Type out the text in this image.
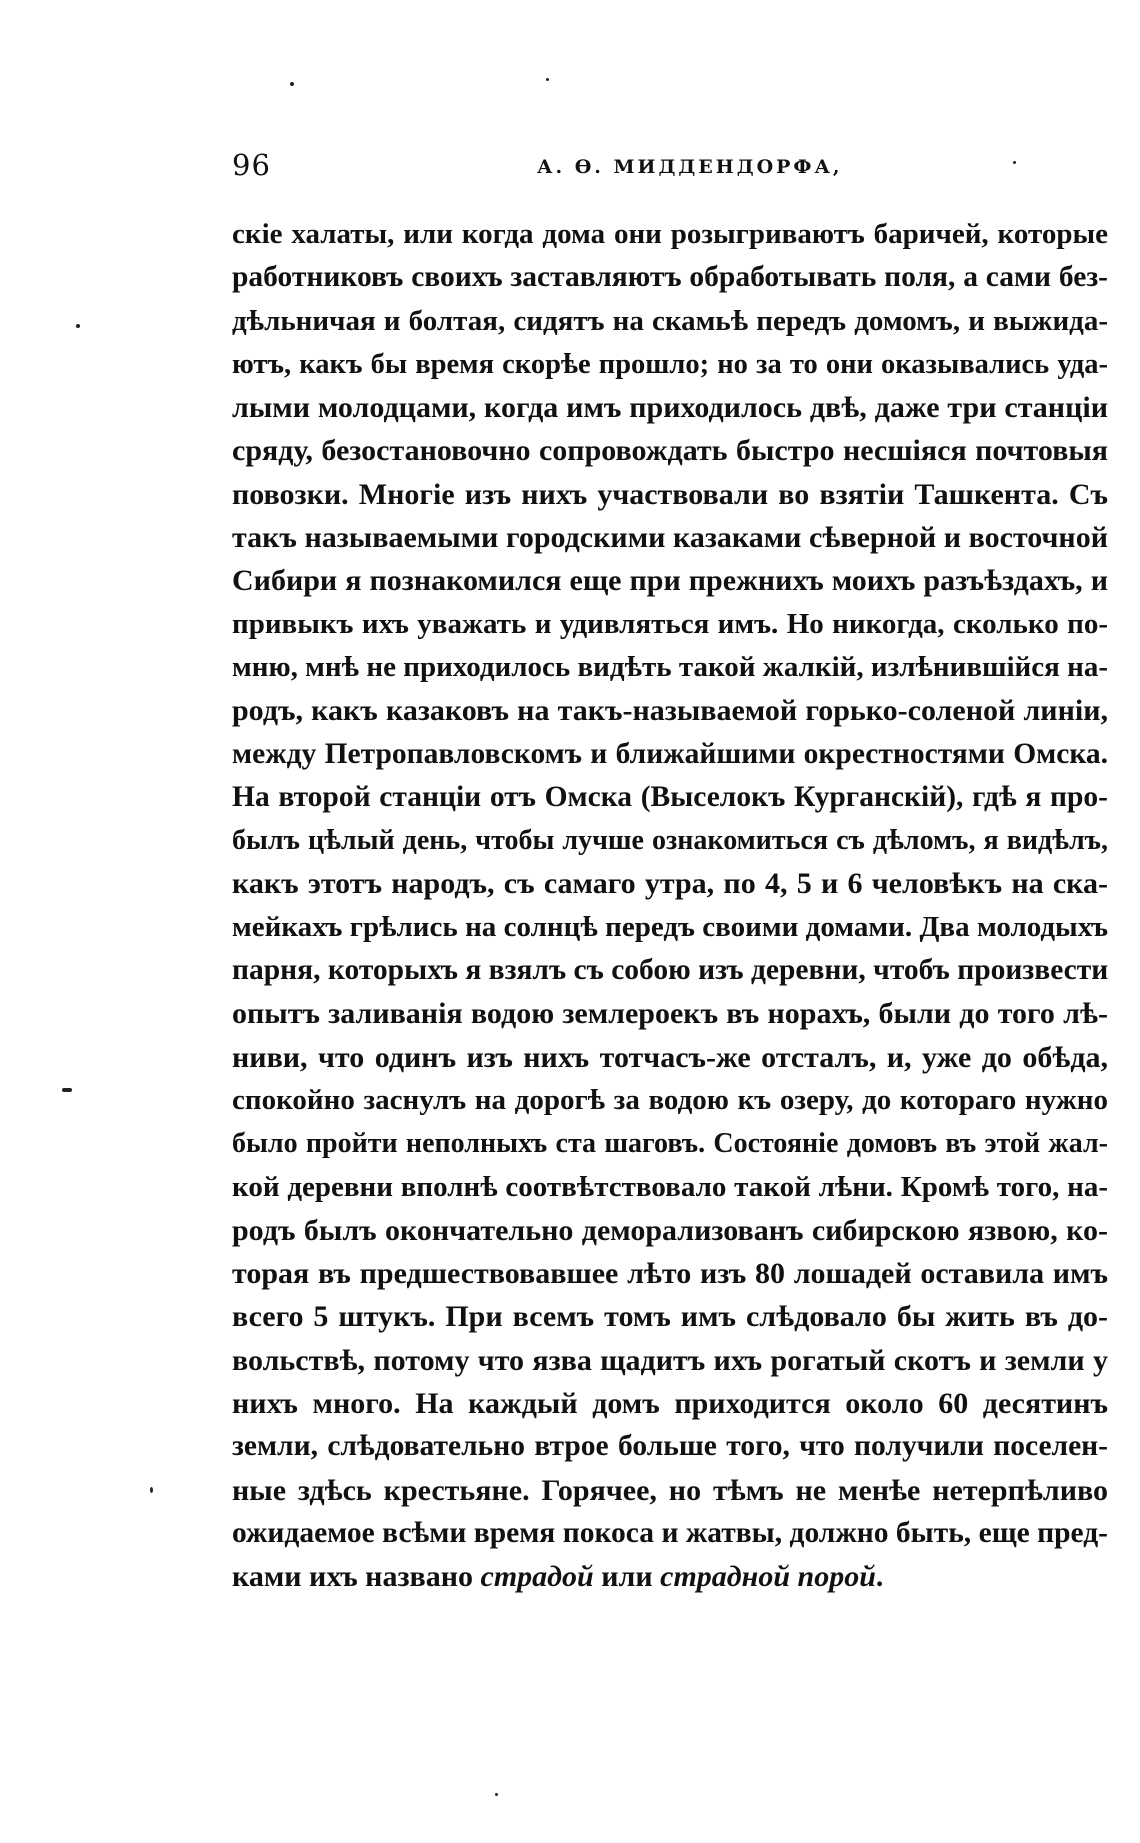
96	А. Ѳ. МИДДЕНДОРФА,
скіе халаты, или когда дома они розыгриваютъ баричей, которые
работниковъ своихъ заставляютъ обработывать поля, а сами без-
дѣльничая и болтая, сидятъ на скамьѣ передъ домомъ, и выжида-
ютъ, какъ бы время скорѣе прошло; но за то они оказывались уда-
лыми молодцами, когда имъ приходилось двѣ, даже три станціи
сряду, безостановочно сопровождать быстро несшіяся почтовыя
повозки. Многіе изъ нихъ участвовали во взятіи Ташкента. Съ
такъ называемыми городскими казаками сѣверной и восточной
Сибири я познакомился еще при прежнихъ моихъ разъѣздахъ, и
привыкъ ихъ уважать и удивляться имъ. Но никогда, сколько по-
мню, мнѣ не приходилось видѣть такой жалкій, излѣнившійся на-
родъ, какъ казаковъ на такъ-называемой горько-соленой линіи,
между Петропавловскомъ и ближайшими окрестностями Омска.
На второй станціи отъ Омска (Выселокъ Курганскій), гдѣ я про-
былъ цѣлый день, чтобы лучше ознакомиться съ дѣломъ, я видѣлъ,
какъ этотъ народъ, съ самаго утра, по 4, 5 и 6 человѣкъ на ска-
мейкахъ грѣлись на солнцѣ передъ своими домами. Два молодыхъ
парня, которыхъ я взялъ съ собою изъ деревни, чтобъ произвести
опытъ заливанія водою землероекъ въ норахъ, были до того лѣ-
ниви, что одинъ изъ нихъ тотчасъ-же отсталъ, и, уже до обѣда,
спокойно заснулъ на дорогѣ за водою къ озеру, до котораго нужно
было пройти неполныхъ ста шаговъ. Состояніе домовъ въ этой жал-
кой деревни вполнѣ соотвѣтствовало такой лѣни. Кромѣ того, на-
родъ былъ окончательно деморализованъ сибирскою язвою, ко-
торая въ предшествовавшее лѣто изъ 80 лошадей оставила имъ
всего 5 штукъ. При всемъ томъ имъ слѣдовало бы жить въ до-
вольствѣ, потому что язва щадитъ ихъ рогатый скотъ и земли у
нихъ много. На каждый домъ приходится около 60 десятинъ
земли, слѣдовательно втрое больше того, что получили поселен-
ные здѣсь крестьяне. Горячее, но тѣмъ не менѣе нетерпѣливо
ожидаемое всѣми время покоса и жатвы, должно быть, еще пред-
ками ихъ названо страдой или страдной порой.
